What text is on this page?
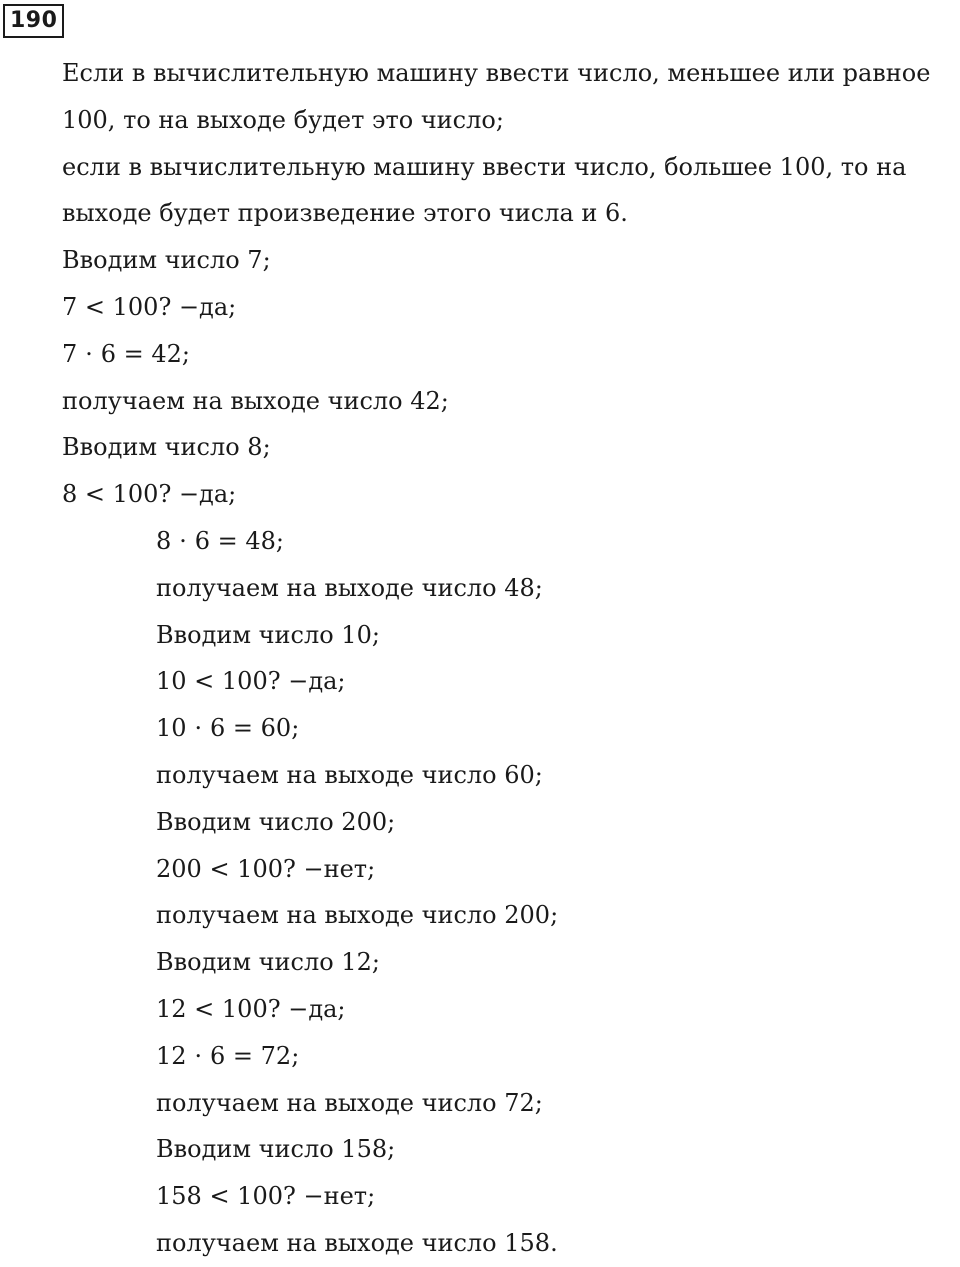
190
Если в вычислительную машину ввести число, меньшее или равное
100, то на выходе будет это число;
если в вычислительную машину ввести число, большее 100, то на
выходе будет произведение этого числа и 6.
Вводим число 7;
7 < 100? −да;
7 ⋅ 6 = 42;
получаем на выходе число 42;
Вводим число 8;
8 < 100? −да;
8 ⋅ 6 = 48;
получаем на выходе число 48;
Вводим число 10;
10 < 100? −да;
10 ⋅ 6 = 60;
получаем на выходе число 60;
Вводим число 200;
200 < 100? −нет;
получаем на выходе число 200;
Вводим число 12;
12 < 100? −да;
12 ⋅ 6 = 72;
получаем на выходе число 72;
Вводим число 158;
158 < 100? −нет;
получаем на выходе число 158.
